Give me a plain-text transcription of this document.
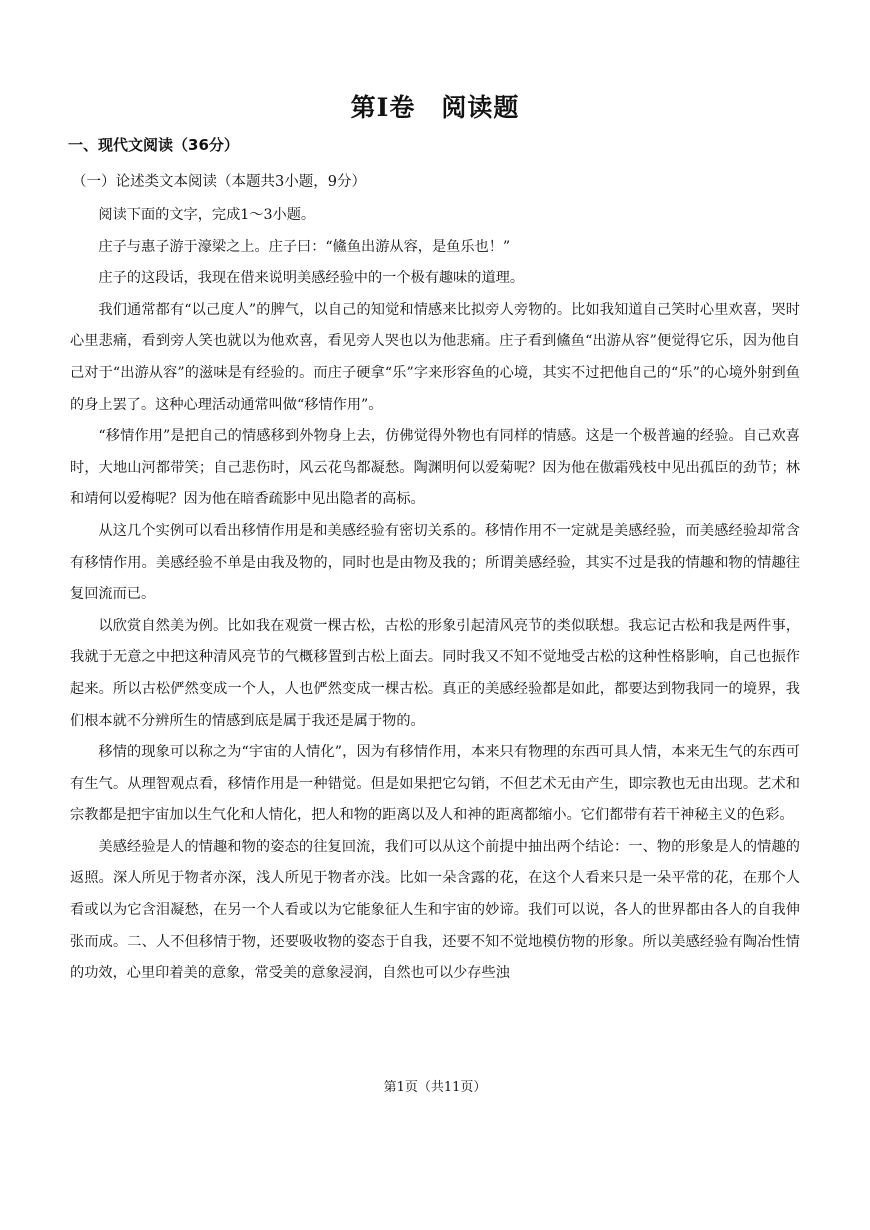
第Ⅰ卷　阅读题
一、现代文阅读（36分）
（一）论述类文本阅读（本题共3小题，9分）

阅读下面的文字，完成1～3小题。

庄子与惠子游于濠梁之上。庄子曰：“鯈鱼出游从容，是鱼乐也！”

庄子的这段话，我现在借来说明美感经验中的一个极有趣味的道理。

我们通常都有“以己度人”的脾气，以自己的知觉和情感来比拟旁人旁物的。比如我知道自己笑时心里欢喜，哭时心里悲痛，看到旁人笑也就以为他欢喜，看见旁人哭也以为他悲痛。庄子看到鯈鱼“出游从容”便觉得它乐，因为他自己对于“出游从容”的滋味是有经验的。而庄子硬拿“乐”字来形容鱼的心境，其实不过把他自己的“乐”的心境外射到鱼的身上罢了。这种心理活动通常叫做“移情作用”。

“移情作用”是把自己的情感移到外物身上去，仿佛觉得外物也有同样的情感。这是一个极普遍的经验。自己欢喜时，大地山河都带笑；自己悲伤时，风云花鸟都凝愁。陶渊明何以爱菊呢？因为他在傲霜残枝中见出孤臣的劲节；林和靖何以爱梅呢？因为他在暗香疏影中见出隐者的高标。

从这几个实例可以看出移情作用是和美感经验有密切关系的。移情作用不一定就是美感经验，而美感经验却常含有移情作用。美感经验不单是由我及物的，同时也是由物及我的；所谓美感经验，其实不过是我的情趣和物的情趣往复回流而已。

以欣赏自然美为例。比如我在观赏一棵古松，古松的形象引起清风亮节的类似联想。我忘记古松和我是两件事，我就于无意之中把这种清风亮节的气概移置到古松上面去。同时我又不知不觉地受古松的这种性格影响，自己也振作起来。所以古松俨然变成一个人，人也俨然变成一棵古松。真正的美感经验都是如此，都要达到物我同一的境界，我们根本就不分辨所生的情感到底是属于我还是属于物的。

移情的现象可以称之为“宇宙的人情化”，因为有移情作用，本来只有物理的东西可具人情，本来无生气的东西可有生气。从理智观点看，移情作用是一种错觉。但是如果把它勾销，不但艺术无由产生，即宗教也无由出现。艺术和宗教都是把宇宙加以生气化和人情化，把人和物的距离以及人和神的距离都缩小。它们都带有若干神秘主义的色彩。

美感经验是人的情趣和物的姿态的往复回流，我们可以从这个前提中抽出两个结论：一、物的形象是人的情趣的返照。深人所见于物者亦深，浅人所见于物者亦浅。比如一朵含露的花，在这个人看来只是一朵平常的花，在那个人看或以为它含泪凝愁，在另一个人看或以为它能象征人生和宇宙的妙谛。我们可以说，各人的世界都由各人的自我伸张而成。二、人不但移情于物，还要吸收物的姿态于自我，还要不知不觉地模仿物的形象。所以美感经验有陶冶性情的功效，心里印着美的意象，常受美的意象浸润，自然也可以少存些浊

第1页（共11页）
